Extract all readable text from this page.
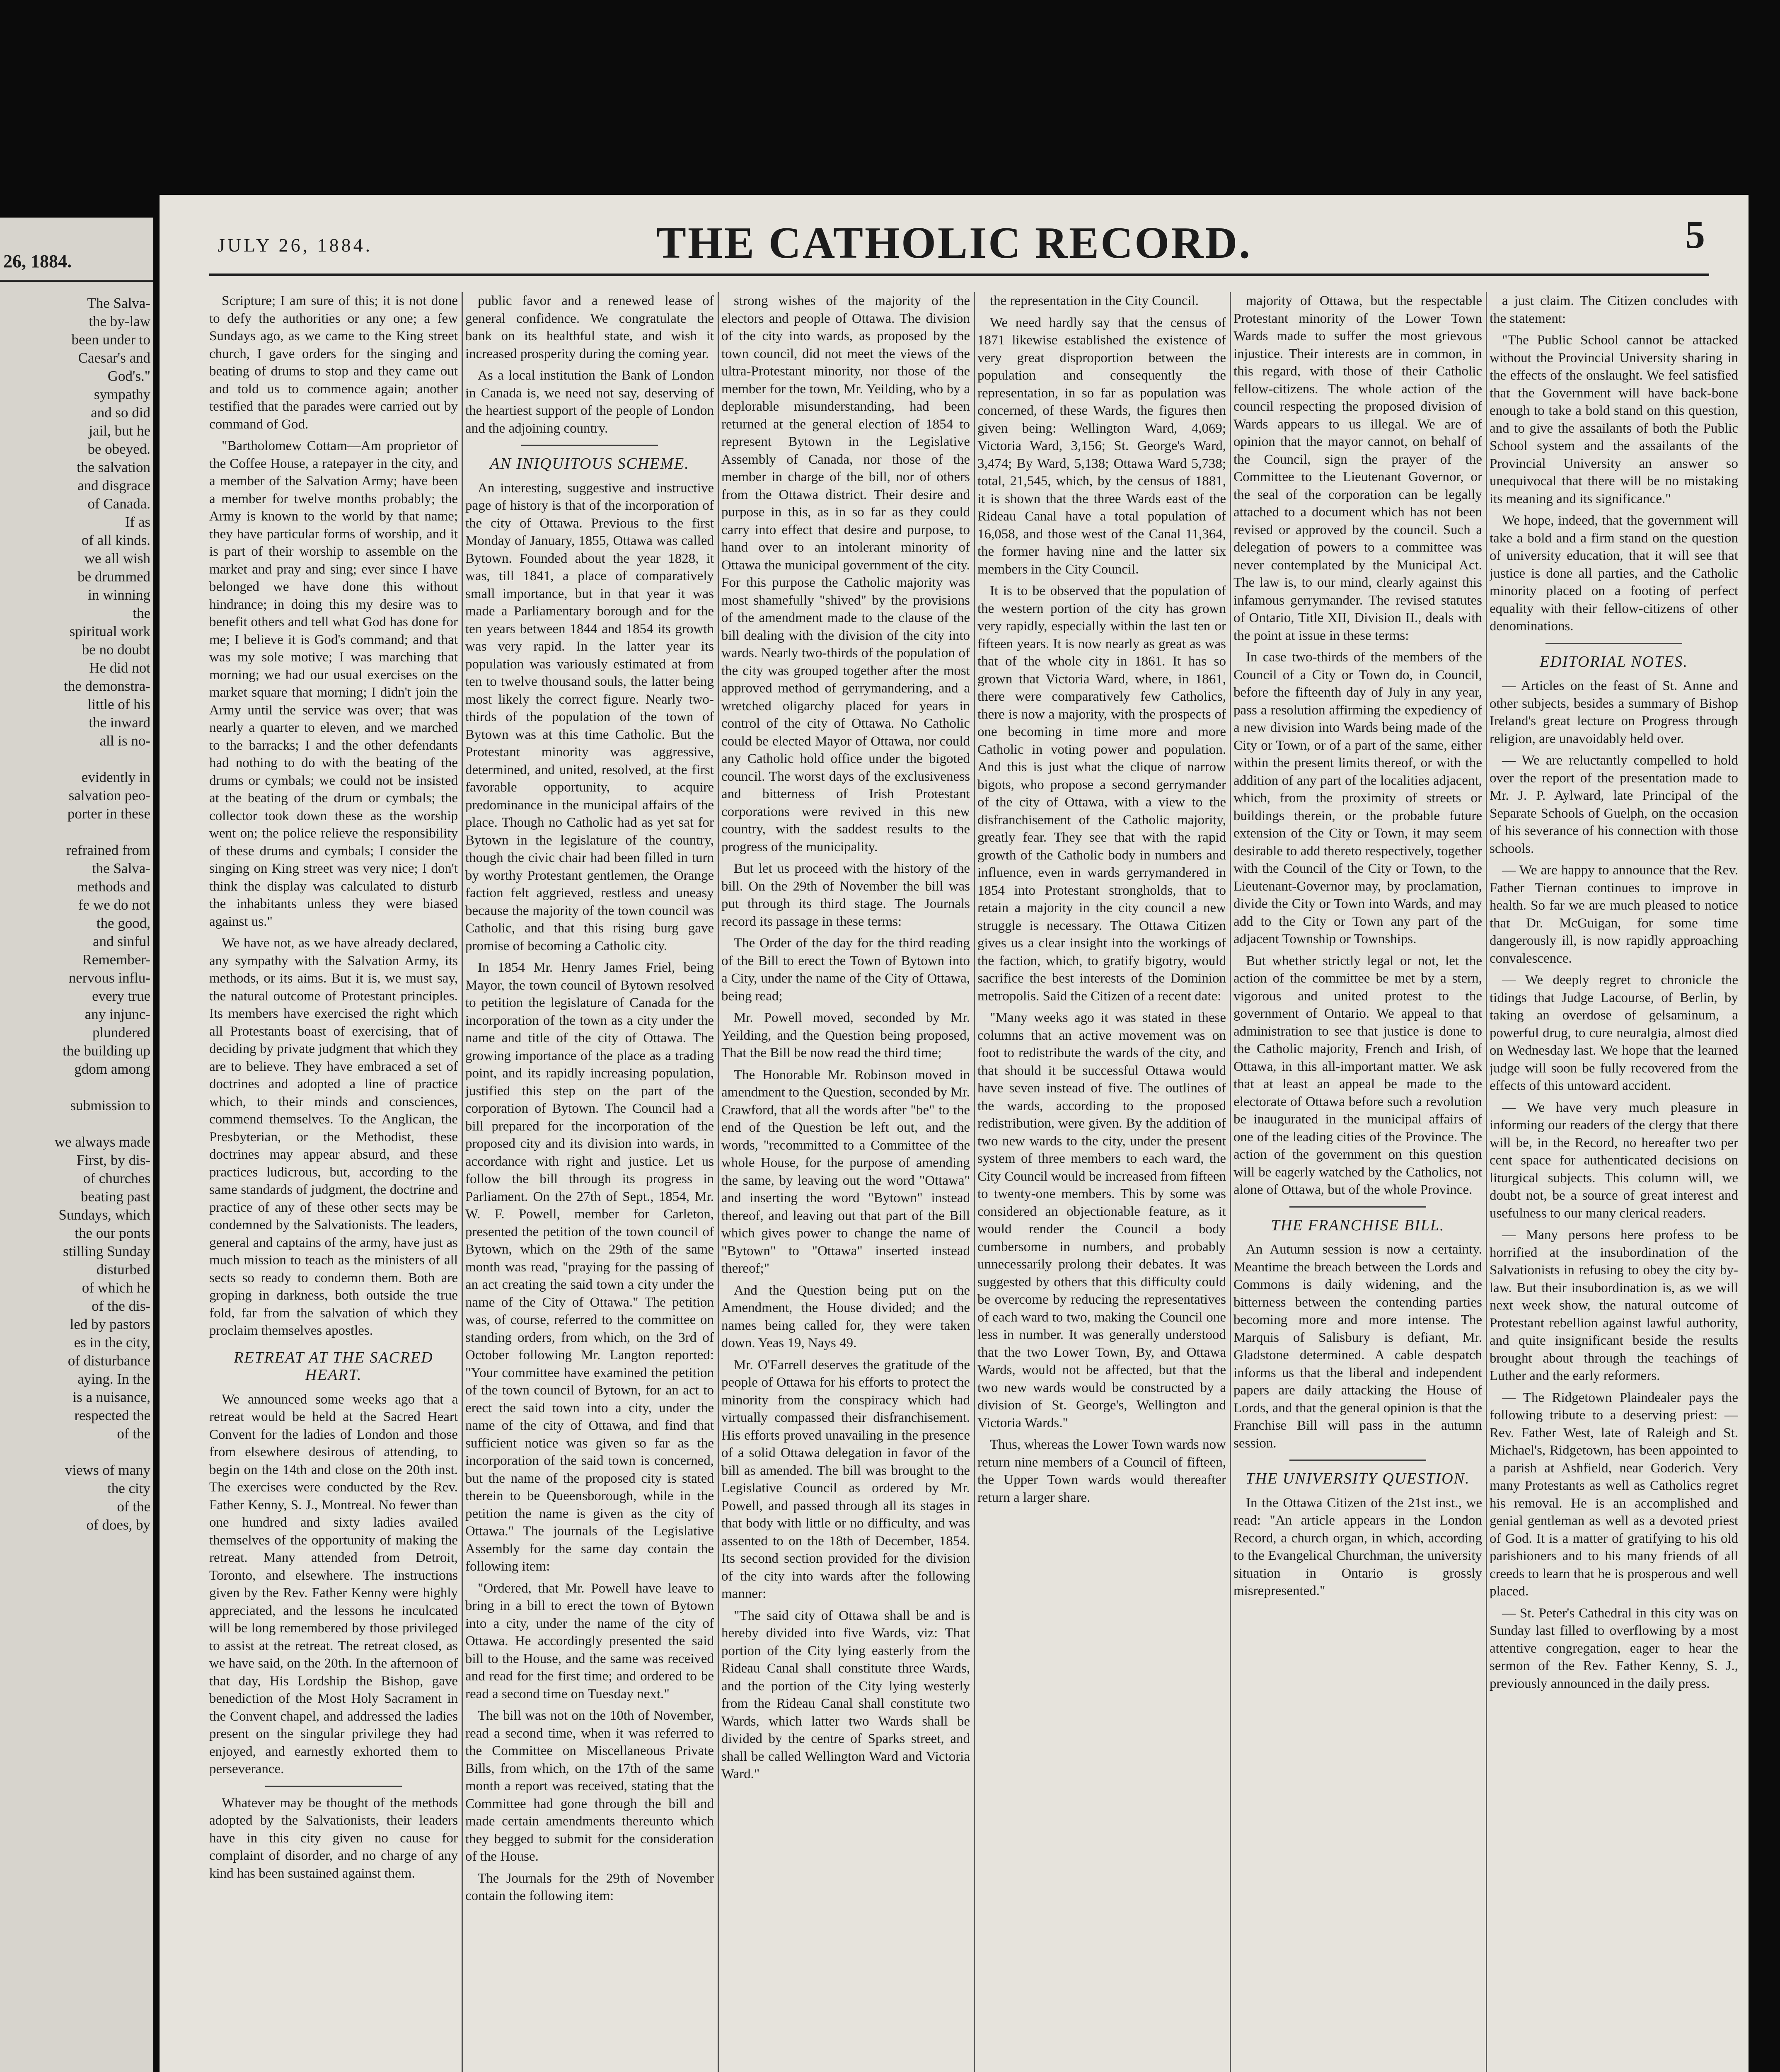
26, 1884.
The Salva-
the by-law
been under to
Caesar's and
God's."
sympathy
and so did
jail, but he
be obeyed.
the salvation
and disgrace
of Canada.
If as
of all kinds.
we all wish
be drummed
in winning
the
spiritual work
be no doubt
He did not
the demonstra-
little of his
the inward
all is no-

evidently in
salvation peo-
porter in these

refrained from
the Salva-
methods and
fe we do not
the good,
and sinful
Remember-
nervous influ-
every true
any injunc-
plundered
the building up
gdom among

submission to

we always made
First, by dis-
of churches
beating past
Sundays, which
the our ponts
stilling Sunday
disturbed
of which he
of the dis-
led by pastors
es in the city,
of disturbance
aying. In the
is a nuisance,
respected the
of the

views of many
the city
of the
of does, by

JULY 26, 1884.	THE CATHOLIC RECORD.	5

Scripture; I am sure of this; it is not done to defy the authorities or any one; a few Sundays ago, as we came to the King street church, I gave orders for the singing and beating of drums to stop and they came out and told us to commence again; another testified that the parades were carried out by command of God.

"Bartholomew Cottam—Am proprietor of the Coffee House, a ratepayer in the city, and a member of the Salvation Army; have been a member for twelve months probably; the Army is known to the world by that name; they have particular forms of worship, and it is part of their worship to assemble on the market and pray and sing; ever since I have belonged we have done this without hindrance; in doing this my desire was to benefit others and tell what God has done for me; I believe it is God's command; and that was my sole motive; I was marching that morning; we had our usual exercises on the market square that morning; I didn't join the Army until the service was over; that was nearly a quarter to eleven, and we marched to the barracks; I and the other defendants had nothing to do with the beating of the drums or cymbals; we could not be insisted at the beating of the drum or cymbals; the collector took down these as the worship went on; the police relieve the responsibility of these drums and cymbals; I consider the singing on King street was very nice; I don't think the display was calculated to disturb the inhabitants unless they were biased against us."

We have not, as we have already declared, any sympathy with the Salvation Army, its methods, or its aims. But it is, we must say, the natural outcome of Protestant principles. Its members have exercised the right which all Protestants boast of exercising, that of deciding by private judgment that which they are to believe. They have embraced a set of doctrines and adopted a line of practice which, to their minds and consciences, commend themselves. To the Anglican, the Presbyterian, or the Methodist, these doctrines may appear absurd, and these practices ludicrous, but, according to the same standards of judgment, the doctrine and practice of any of these other sects may be condemned by the Salvationists. The leaders, general and captains of the army, have just as much mission to teach as the ministers of all sects so ready to condemn them. Both are groping in darkness, both outside the true fold, far from the salvation of which they proclaim themselves apostles.

RETREAT AT THE SACRED HEART.

We announced some weeks ago that a retreat would be held at the Sacred Heart Convent for the ladies of London and those from elsewhere desirous of attending, to begin on the 14th and close on the 20th inst. The exercises were conducted by the Rev. Father Kenny, S. J., Montreal. No fewer than one hundred and sixty ladies availed themselves of the opportunity of making the retreat. Many attended from Detroit, Toronto, and elsewhere. The instructions given by the Rev. Father Kenny were highly appreciated, and the lessons he inculcated will be long remembered by those privileged to assist at the retreat. The retreat closed, as we have said, on the 20th. In the afternoon of that day, His Lordship the Bishop, gave benediction of the Most Holy Sacrament in the Convent chapel, and addressed the ladies present on the singular privilege they had enjoyed, and earnestly exhorted them to perseverance.

Whatever may be thought of the methods adopted by the Salvationists, their leaders have in this city given no cause for complaint of disorder, and no charge of any kind has been sustained against them.

public favor and a renewed lease of general confidence. We congratulate the bank on its healthful state, and wish it increased prosperity during the coming year.

As a local institution the Bank of London in Canada is, we need not say, deserving of the heartiest support of the people of London and the adjoining country.

AN INIQUITOUS SCHEME.

An interesting, suggestive and instructive page of history is that of the incorporation of the city of Ottawa. Previous to the first Monday of January, 1855, Ottawa was called Bytown. Founded about the year 1828, it was, till 1841, a place of comparatively small importance, but in that year it was made a Parliamentary borough and for the ten years between 1844 and 1854 its growth was very rapid. In the latter year its population was variously estimated at from ten to twelve thousand souls, the latter being most likely the correct figure. Nearly two-thirds of the population of the town of Bytown was at this time Catholic. But the Protestant minority was aggressive, determined, and united, resolved, at the first favorable opportunity, to acquire predominance in the municipal affairs of the place. Though no Catholic had as yet sat for Bytown in the legislature of the country, though the civic chair had been filled in turn by worthy Protestant gentlemen, the Orange faction felt aggrieved, restless and uneasy because the majority of the town council was Catholic, and that this rising burg gave promise of becoming a Catholic city.

In 1854 Mr. Henry James Friel, being Mayor, the town council of Bytown resolved to petition the legislature of Canada for the incorporation of the town as a city under the name and title of the city of Ottawa. The growing importance of the place as a trading point, and its rapidly increasing population, justified this step on the part of the corporation of Bytown. The Council had a bill prepared for the incorporation of the proposed city and its division into wards, in accordance with right and justice. Let us follow the bill through its progress in Parliament. On the 27th of Sept., 1854, Mr. W. F. Powell, member for Carleton, presented the petition of the town council of Bytown, which on the 29th of the same month was read, "praying for the passing of an act creating the said town a city under the name of the City of Ottawa." The petition was, of course, referred to the committee on standing orders, from which, on the 3rd of October following Mr. Langton reported: "Your committee have examined the petition of the town council of Bytown, for an act to erect the said town into a city, under the name of the city of Ottawa, and find that sufficient notice was given so far as the incorporation of the said town is concerned, but the name of the proposed city is stated therein to be Queensborough, while in the petition the name is given as the city of Ottawa." The journals of the Legislative Assembly for the same day contain the following item:

"Ordered, that Mr. Powell have leave to bring in a bill to erect the town of Bytown into a city, under the name of the city of Ottawa. He accordingly presented the said bill to the House, and the same was received and read for the first time; and ordered to be read a second time on Tuesday next."

The bill was not on the 10th of November, read a second time, when it was referred to the Committee on Miscellaneous Private Bills, from which, on the 17th of the same month a report was received, stating that the Committee had gone through the bill and made certain amendments thereunto which they begged to submit for the consideration of the House.

The Journals for the 29th of November contain the following item:

strong wishes of the majority of the electors and people of Ottawa. The division of the city into wards, as proposed by the town council, did not meet the views of the ultra-Protestant minority, nor those of the member for the town, Mr. Yeilding, who by a deplorable misunderstanding, had been returned at the general election of 1854 to represent Bytown in the Legislative Assembly of Canada, nor those of the member in charge of the bill, nor of others from the Ottawa district. Their desire and purpose in this, as in so far as they could carry into effect that desire and purpose, to hand over to an intolerant minority of Ottawa the municipal government of the city. For this purpose the Catholic majority was most shamefully "shived" by the provisions of the amendment made to the clause of the bill dealing with the division of the city into wards. Nearly two-thirds of the population of the city was grouped together after the most approved method of gerrymandering, and a wretched oligarchy placed for years in control of the city of Ottawa. No Catholic could be elected Mayor of Ottawa, nor could any Catholic hold office under the bigoted council. The worst days of the exclusiveness and bitterness of Irish Protestant corporations were revived in this new country, with the saddest results to the progress of the municipality.

But let us proceed with the history of the bill. On the 29th of November the bill was put through its third stage. The Journals record its passage in these terms:

The Order of the day for the third reading of the Bill to erect the Town of Bytown into a City, under the name of the City of Ottawa, being read;

Mr. Powell moved, seconded by Mr. Yeilding, and the Question being proposed, That the Bill be now read the third time;

The Honorable Mr. Robinson moved in amendment to the Question, seconded by Mr. Crawford, that all the words after "be" to the end of the Question be left out, and the words, "recommitted to a Committee of the whole House, for the purpose of amending the same, by leaving out the word "Ottawa" and inserting the word "Bytown" instead thereof, and leaving out that part of the Bill which gives power to change the name of "Bytown" to "Ottawa" inserted instead thereof;"

And the Question being put on the Amendment, the House divided; and the names being called for, they were taken down. Yeas 19, Nays 49.

Mr. O'Farrell deserves the gratitude of the people of Ottawa for his efforts to protect the minority from the conspiracy which had virtually compassed their disfranchisement. His efforts proved unavailing in the presence of a solid Ottawa delegation in favor of the bill as amended. The bill was brought to the Legislative Council as ordered by Mr. Powell, and passed through all its stages in that body with little or no difficulty, and was assented to on the 18th of December, 1854. Its second section provided for the division of the city into wards after the following manner:

"The said city of Ottawa shall be and is hereby divided into five Wards, viz: That portion of the City lying easterly from the Rideau Canal shall constitute three Wards, and the portion of the City lying westerly from the Rideau Canal shall constitute two Wards, which latter two Wards shall be divided by the centre of Sparks street, and shall be called Wellington Ward and Victoria Ward."

the representation in the City Council.

We need hardly say that the census of 1871 likewise established the existence of very great disproportion between the population and consequently the representation, in so far as population was concerned, of these Wards, the figures then given being: Wellington Ward, 4,069; Victoria Ward, 3,156; St. George's Ward, 3,474; By Ward, 5,138; Ottawa Ward 5,738; total, 21,545, which, by the census of 1881, it is shown that the three Wards east of the Rideau Canal have a total population of 16,058, and those west of the Canal 11,364, the former having nine and the latter six members in the City Council.

It is to be observed that the population of the western portion of the city has grown very rapidly, especially within the last ten or fifteen years. It is now nearly as great as was that of the whole city in 1861. It has so grown that Victoria Ward, where, in 1861, there were comparatively few Catholics, there is now a majority, with the prospects of one becoming in time more and more Catholic in voting power and population. And this is just what the clique of narrow bigots, who propose a second gerrymander of the city of Ottawa, with a view to the disfranchisement of the Catholic majority, greatly fear. They see that with the rapid growth of the Catholic body in numbers and influence, even in wards gerrymandered in 1854 into Protestant strongholds, that to retain a majority in the city council a new struggle is necessary. The Ottawa Citizen gives us a clear insight into the workings of the faction, which, to gratify bigotry, would sacrifice the best interests of the Dominion metropolis. Said the Citizen of a recent date:

"Many weeks ago it was stated in these columns that an active movement was on foot to redistribute the wards of the city, and that should it be successful Ottawa would have seven instead of five. The outlines of the wards, according to the proposed redistribution, were given. By the addition of two new wards to the city, under the present system of three members to each ward, the City Council would be increased from fifteen to twenty-one members. This by some was considered an objectionable feature, as it would render the Council a body cumbersome in numbers, and probably unnecessarily prolong their debates. It was suggested by others that this difficulty could be overcome by reducing the representatives of each ward to two, making the Council one less in number. It was generally understood that the two Lower Town, By, and Ottawa Wards, would not be affected, but that the two new wards would be constructed by a division of St. George's, Wellington and Victoria Wards."

Thus, whereas the Lower Town wards now return nine members of a Council of fifteen, the Upper Town wards would thereafter return a larger share.

majority of Ottawa, but the respectable Protestant minority of the Lower Town Wards made to suffer the most grievous injustice. Their interests are in common, in this regard, with those of their Catholic fellow-citizens. The whole action of the council respecting the proposed division of Wards appears to us illegal. We are of opinion that the mayor cannot, on behalf of the Council, sign the prayer of the Committee to the Lieutenant Governor, or the seal of the corporation can be legally attached to a document which has not been revised or approved by the council. Such a delegation of powers to a committee was never contemplated by the Municipal Act. The law is, to our mind, clearly against this infamous gerrymander. The revised statutes of Ontario, Title XII, Division II., deals with the point at issue in these terms:

In case two-thirds of the members of the Council of a City or Town do, in Council, before the fifteenth day of July in any year, pass a resolution affirming the expediency of a new division into Wards being made of the City or Town, or of a part of the same, either within the present limits thereof, or with the addition of any part of the localities adjacent, which, from the proximity of streets or buildings therein, or the probable future extension of the City or Town, it may seem desirable to add thereto respectively, together with the Council of the City or Town, to the Lieutenant-Governor may, by proclamation, divide the City or Town into Wards, and may add to the City or Town any part of the adjacent Township or Townships.

But whether strictly legal or not, let the action of the committee be met by a stern, vigorous and united protest to the government of Ontario. We appeal to that administration to see that justice is done to the Catholic majority, French and Irish, of Ottawa, in this all-important matter. We ask that at least an appeal be made to the electorate of Ottawa before such a revolution be inaugurated in the municipal affairs of one of the leading cities of the Province. The action of the government on this question will be eagerly watched by the Catholics, not alone of Ottawa, but of the whole Province.

THE FRANCHISE BILL.

An Autumn session is now a certainty. Meantime the breach between the Lords and Commons is daily widening, and the bitterness between the contending parties becoming more and more intense. The Marquis of Salisbury is defiant, Mr. Gladstone determined. A cable despatch informs us that the liberal and independent papers are daily attacking the House of Lords, and that the general opinion is that the Franchise Bill will pass in the autumn session.

THE UNIVERSITY QUESTION.

In the Ottawa Citizen of the 21st inst., we read: "An article appears in the London Record, a church organ, in which, according to the Evangelical Churchman, the university situation in Ontario is grossly misrepresented."

a just claim. The Citizen concludes with the statement:

"The Public School cannot be attacked without the Provincial University sharing in the effects of the onslaught. We feel satisfied that the Government will have back-bone enough to take a bold stand on this question, and to give the assailants of both the Public School system and the assailants of the Provincial University an answer so unequivocal that there will be no mistaking its meaning and its significance."

We hope, indeed, that the government will take a bold and a firm stand on the question of university education, that it will see that justice is done all parties, and the Catholic minority placed on a footing of perfect equality with their fellow-citizens of other denominations.

EDITORIAL NOTES.

— Articles on the feast of St. Anne and other subjects, besides a summary of Bishop Ireland's great lecture on Progress through religion, are unavoidably held over.

— We are reluctantly compelled to hold over the report of the presentation made to Mr. J. P. Aylward, late Principal of the Separate Schools of Guelph, on the occasion of his severance of his connection with those schools.

— We are happy to announce that the Rev. Father Tiernan continues to improve in health. So far we are much pleased to notice that Dr. McGuigan, for some time dangerously ill, is now rapidly approaching convalescence.

— We deeply regret to chronicle the tidings that Judge Lacourse, of Berlin, by taking an overdose of gelsaminum, a powerful drug, to cure neuralgia, almost died on Wednesday last. We hope that the learned judge will soon be fully recovered from the effects of this untoward accident.

— We have very much pleasure in informing our readers of the clergy that there will be, in the Record, no hereafter two per cent space for authenticated decisions on liturgical subjects. This column will, we doubt not, be a source of great interest and usefulness to our many clerical readers.

— Many persons here profess to be horrified at the insubordination of the Salvationists in refusing to obey the city by-law. But their insubordination is, as we will next week show, the natural outcome of Protestant rebellion against lawful authority, and quite insignificant beside the results brought about through the teachings of Luther and the early reformers.

— The Ridgetown Plaindealer pays the following tribute to a deserving priest: — Rev. Father West, late of Raleigh and St. Michael's, Ridgetown, has been appointed to a parish at Ashfield, near Goderich. Very many Protestants as well as Catholics regret his removal. He is an accomplished and genial gentleman as well as a devoted priest of God. It is a matter of gratifying to his old parishioners and to his many friends of all creeds to learn that he is prosperous and well placed.

— St. Peter's Cathedral in this city was on Sunday last filled to overflowing by a most attentive congregation, eager to hear the sermon of the Rev. Father Kenny, S. J., previously announced in the daily press.
